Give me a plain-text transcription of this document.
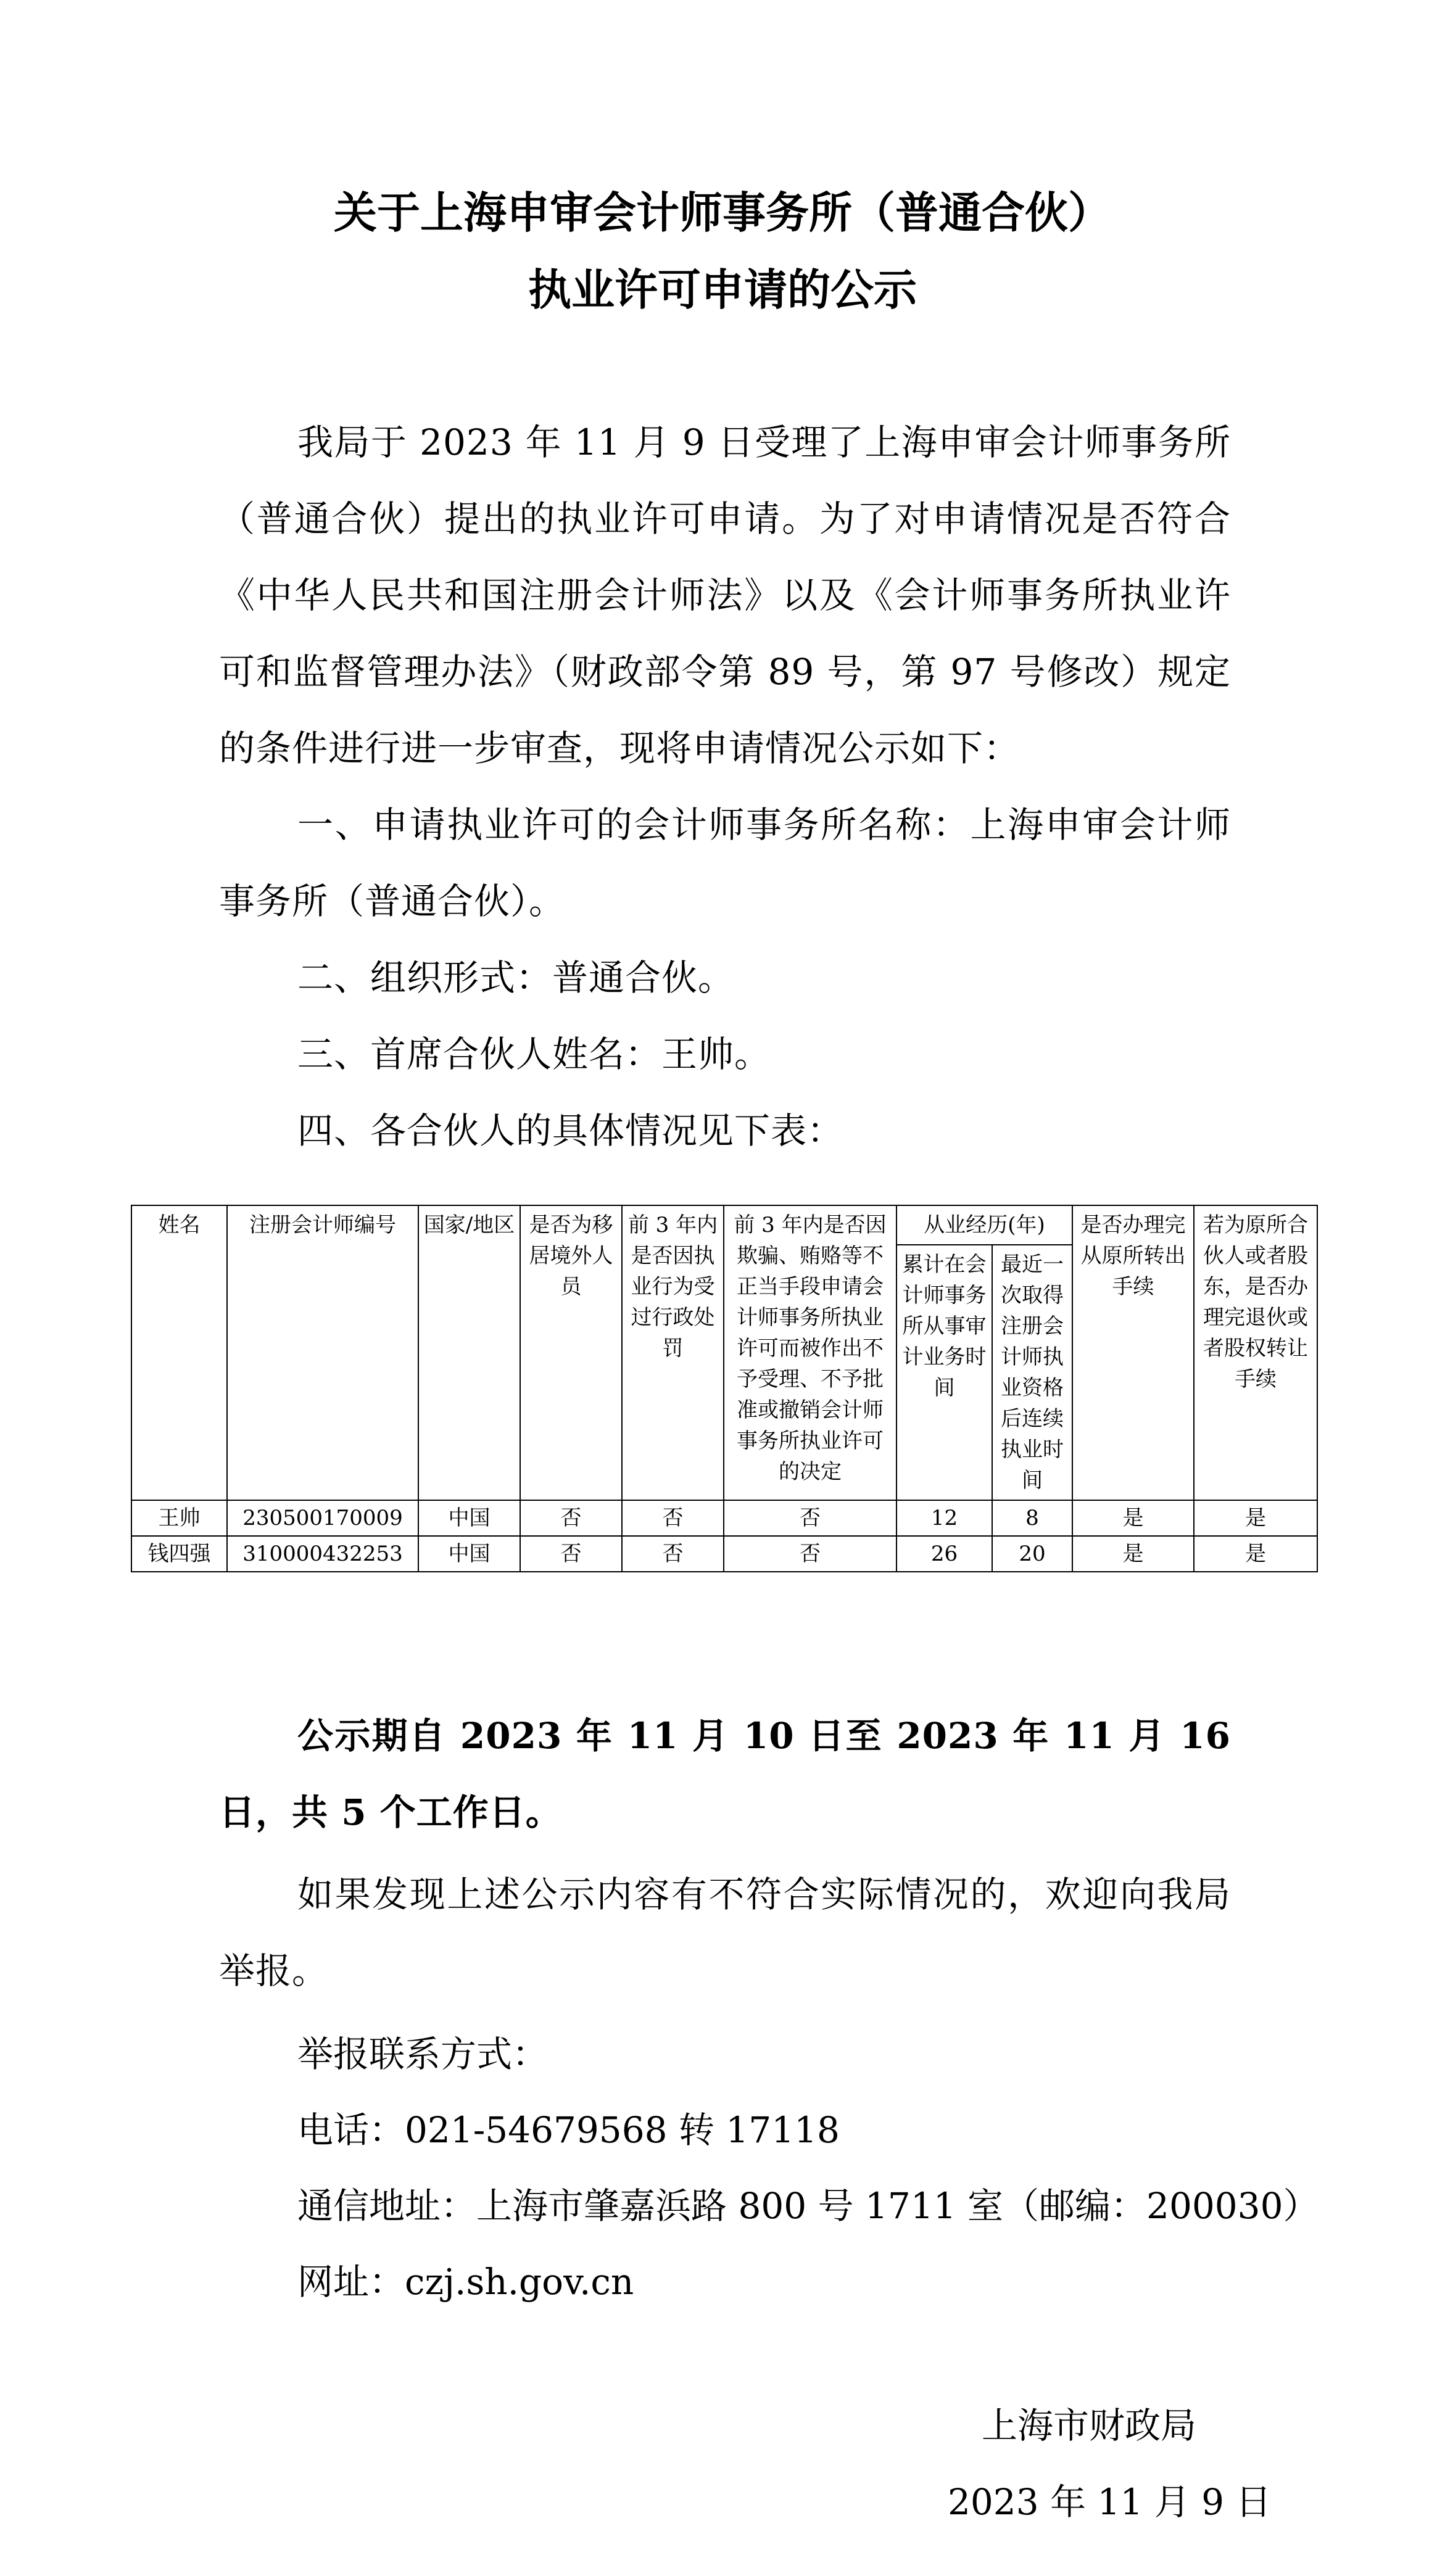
关于上海申审会计师事务所（普通合伙）
执业许可申请的公示
我局于 2023 年 11 月 9 日受理了上海申审会计师事务所（普通合伙）提出的执业许可申请。为了对申请情况是否符合《中华人民共和国注册会计师法》以及《会计师事务所执业许可和监督管理办法》（财政部令第 89 号，第 97 号修改）规定的条件进行进一步审查，现将申请情况公示如下：
一、申请执业许可的会计师事务所名称：上海申审会计师事务所（普通合伙）。
二、组织形式：普通合伙。
三、首席合伙人姓名：王帅。
四、各合伙人的具体情况见下表：
姓名	注册会计师编号	国家/地区	是否为移居境外人员	前 3 年内是否因执业行为受过行政处罚	前 3 年内是否因欺骗、贿赂等不正当手段申请会计师事务所执业许可而被作出不予受理、不予批准或撤销会计师事务所执业许可的决定	从业经历(年)		是否办理完从原所转出手续	若为原所合伙人或者股东，是否办理完退伙或者股权转让手续
						累计在会计师事务所从事审计业务时间	最近一次取得注册会计师执业资格后连续执业时间		
王帅	230500170009	中国	否	否	否	12	8	是	是
钱四强	310000432253	中国	否	否	否	26	20	是	是
公示期自 2023 年 11 月 10 日至 2023 年 11 月 16 日，共 5 个工作日。
如果发现上述公示内容有不符合实际情况的，欢迎向我局举报。
举报联系方式：
电话：021-54679568 转 17118
通信地址：上海市肇嘉浜路 800 号 1711 室（邮编：200030）
网址：czj.sh.gov.cn
上海市财政局
2023 年 11 月 9 日
